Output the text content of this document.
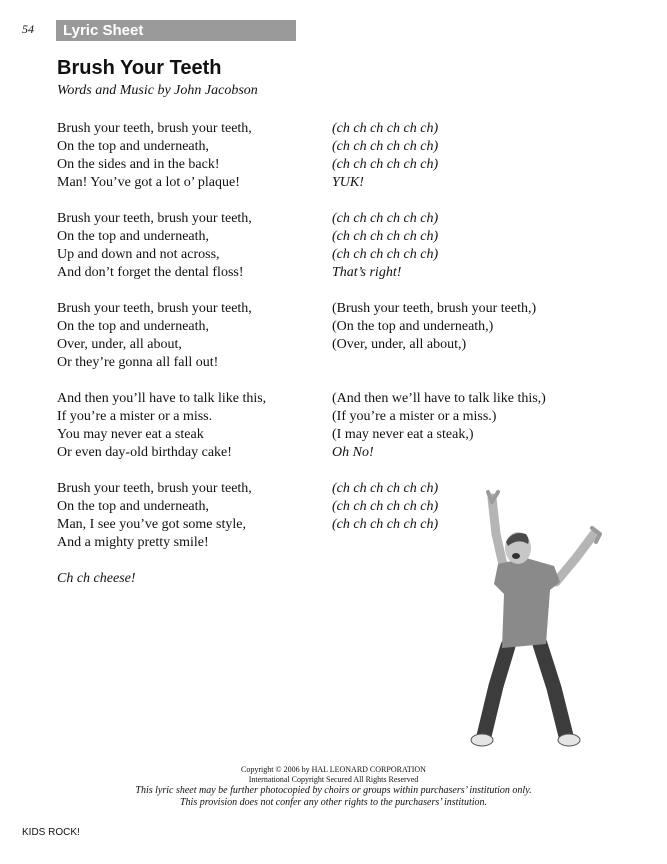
54	Lyric Sheet
Brush Your Teeth
Words and Music by John Jacobson
Brush your teeth, brush your teeth,	(ch ch ch ch ch ch)
On the top and underneath,	(ch ch ch ch ch ch)
On the sides and in the back!	(ch ch ch ch ch ch)
Man! You’ve got a lot o’ plaque!	YUK!
Brush your teeth, brush your teeth,	(ch ch ch ch ch ch)
On the top and underneath,	(ch ch ch ch ch ch)
Up and down and not across,	(ch ch ch ch ch ch)
And don’t forget the dental floss!	That’s right!
Brush your teeth, brush your teeth,	(Brush your teeth, brush your teeth,)
On the top and underneath,	(On the top and underneath,)
Over, under, all about,	(Over, under, all about,)
Or they’re gonna all fall out!
And then you’ll have to talk like this,	(And then we’ll have to talk like this,)
If you’re a mister or a miss.	(If you’re a mister or a miss.)
You may never eat a steak	(I may never eat a steak,)
Or even day-old birthday cake!	Oh No!
Brush your teeth, brush your teeth,	(ch ch ch ch ch ch)
On the top and underneath,	(ch ch ch ch ch ch)
Man, I see you’ve got some style,	(ch ch ch ch ch ch)
And a mighty pretty smile!
Ch ch cheese!
Copyright © 2006 by HAL LEONARD CORPORATION
International Copyright Secured All Rights Reserved
This lyric sheet may be further photocopied by choirs or groups within purchasers’ institution only.
This provision does not confer any other rights to the purchasers’ institution.
KIDS ROCK!
